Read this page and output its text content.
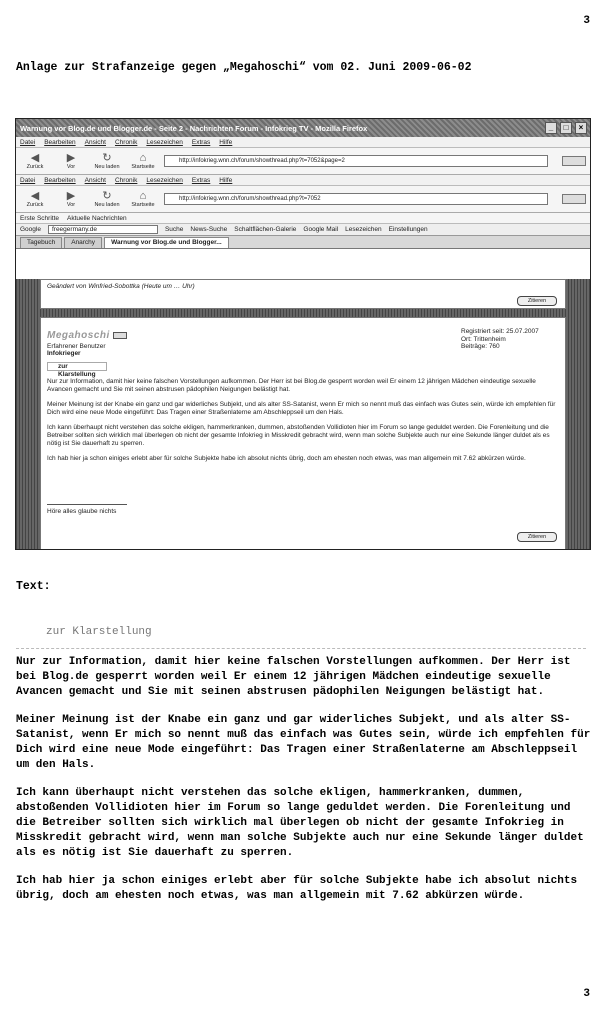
3
Anlage zur Strafanzeige gegen „Megahoschi“ vom 02. Juni 2009-06-02
Warnung vor Blog.de und Blogger.de - Seite 2 - Nachrichten Forum - Infokrieg TV - Mozilla Firefox	_	□	×
Datei Bearbeiten Ansicht Chronik Lesezeichen Extras Hilfe
◀
Zurück
▶
Vor
↻
Neu laden
⌂
Startseite
http://infokrieg.wnn.ch/forum/showthread.php?t=7052&page=2
Datei Bearbeiten Ansicht Chronik Lesezeichen Extras Hilfe
◀
Zurück
▶
Vor
↻
Neu laden
⌂
Startseite
http://infokrieg.wnn.ch/forum/showthread.php?t=7052
Erste Schritte Aktuelle Nachrichten
Google	freegermany.de	Suche News-Suche Schaltflächen-Galerie Google Mail Lesezeichen Einstellungen
Tagebuch	Anarchy	Warnung vor Blog.de und Blogger...
Geändert von Winfried-Sobottka (Heute um … Uhr)
Zitieren
Megahoschi
Erfahrener Benutzer
Infokrieger
Registriert seit: 25.07.2007
Ort: Trittenheim
Beiträge: 760
zur Klarstellung

Nur zur Information, damit hier keine falschen Vorstellungen aufkommen. Der Herr ist bei Blog.de gesperrt worden weil Er einem 12 jährigen Mädchen eindeutige sexuelle Avancen gemacht und Sie mit seinen abstrusen pädophilen Neigungen belästigt hat.

Meiner Meinung ist der Knabe ein ganz und gar widerliches Subjekt, und als alter SS-Satanist, wenn Er mich so nennt muß das einfach was Gutes sein, würde ich empfehlen für Dich wird eine neue Mode eingeführt: Das Tragen einer Straßenlaterne am Abschleppseil um den Hals.

Ich kann überhaupt nicht verstehen das solche ekligen, hammerkranken, dummen, abstoßenden Vollidioten hier im Forum so lange geduldet werden. Die Forenleitung und die Betreiber sollten sich wirklich mal überlegen ob nicht der gesamte Infokrieg in Misskredit gebracht wird, wenn man solche Subjekte auch nur eine Sekunde länger duldet als es nötig ist Sie dauerhaft zu sperren.

Ich hab hier ja schon einiges erlebt aber für solche Subjekte habe ich absolut nichts übrig, doch am ehesten noch etwas, was man allgemein mit 7.62 abkürzen würde.

Höre alles glaube nichts
Zitieren
Text:
zur Klarstellung

Nur zur Information, damit hier keine falschen Vorstellungen aufkommen. Der Herr ist bei Blog.de gesperrt worden weil Er einem 12 jährigen Mädchen eindeutige sexuelle Avancen gemacht und Sie mit seinen abstrusen pädophilen Neigungen belästigt hat.

Meiner Meinung ist der Knabe ein ganz und gar widerliches Subjekt, und als alter SS-Satanist, wenn Er mich so nennt muß das einfach was Gutes sein, würde ich empfehlen für Dich wird eine neue Mode eingeführt: Das Tragen einer Straßenlaterne am Abschleppseil um den Hals.

Ich kann überhaupt nicht verstehen das solche ekligen, hammerkranken, dummen, abstoßenden Vollidioten hier im Forum so lange geduldet werden. Die Forenleitung und die Betreiber sollten sich wirklich mal überlegen ob nicht der gesamte Infokrieg in Misskredit gebracht wird, wenn man solche Subjekte auch nur eine Sekunde länger duldet als es nötig ist Sie dauerhaft zu sperren.

Ich hab hier ja schon einiges erlebt aber für solche Subjekte habe ich absolut nichts übrig, doch am ehesten noch etwas, was man allgemein mit 7.62 abkürzen würde.

3
